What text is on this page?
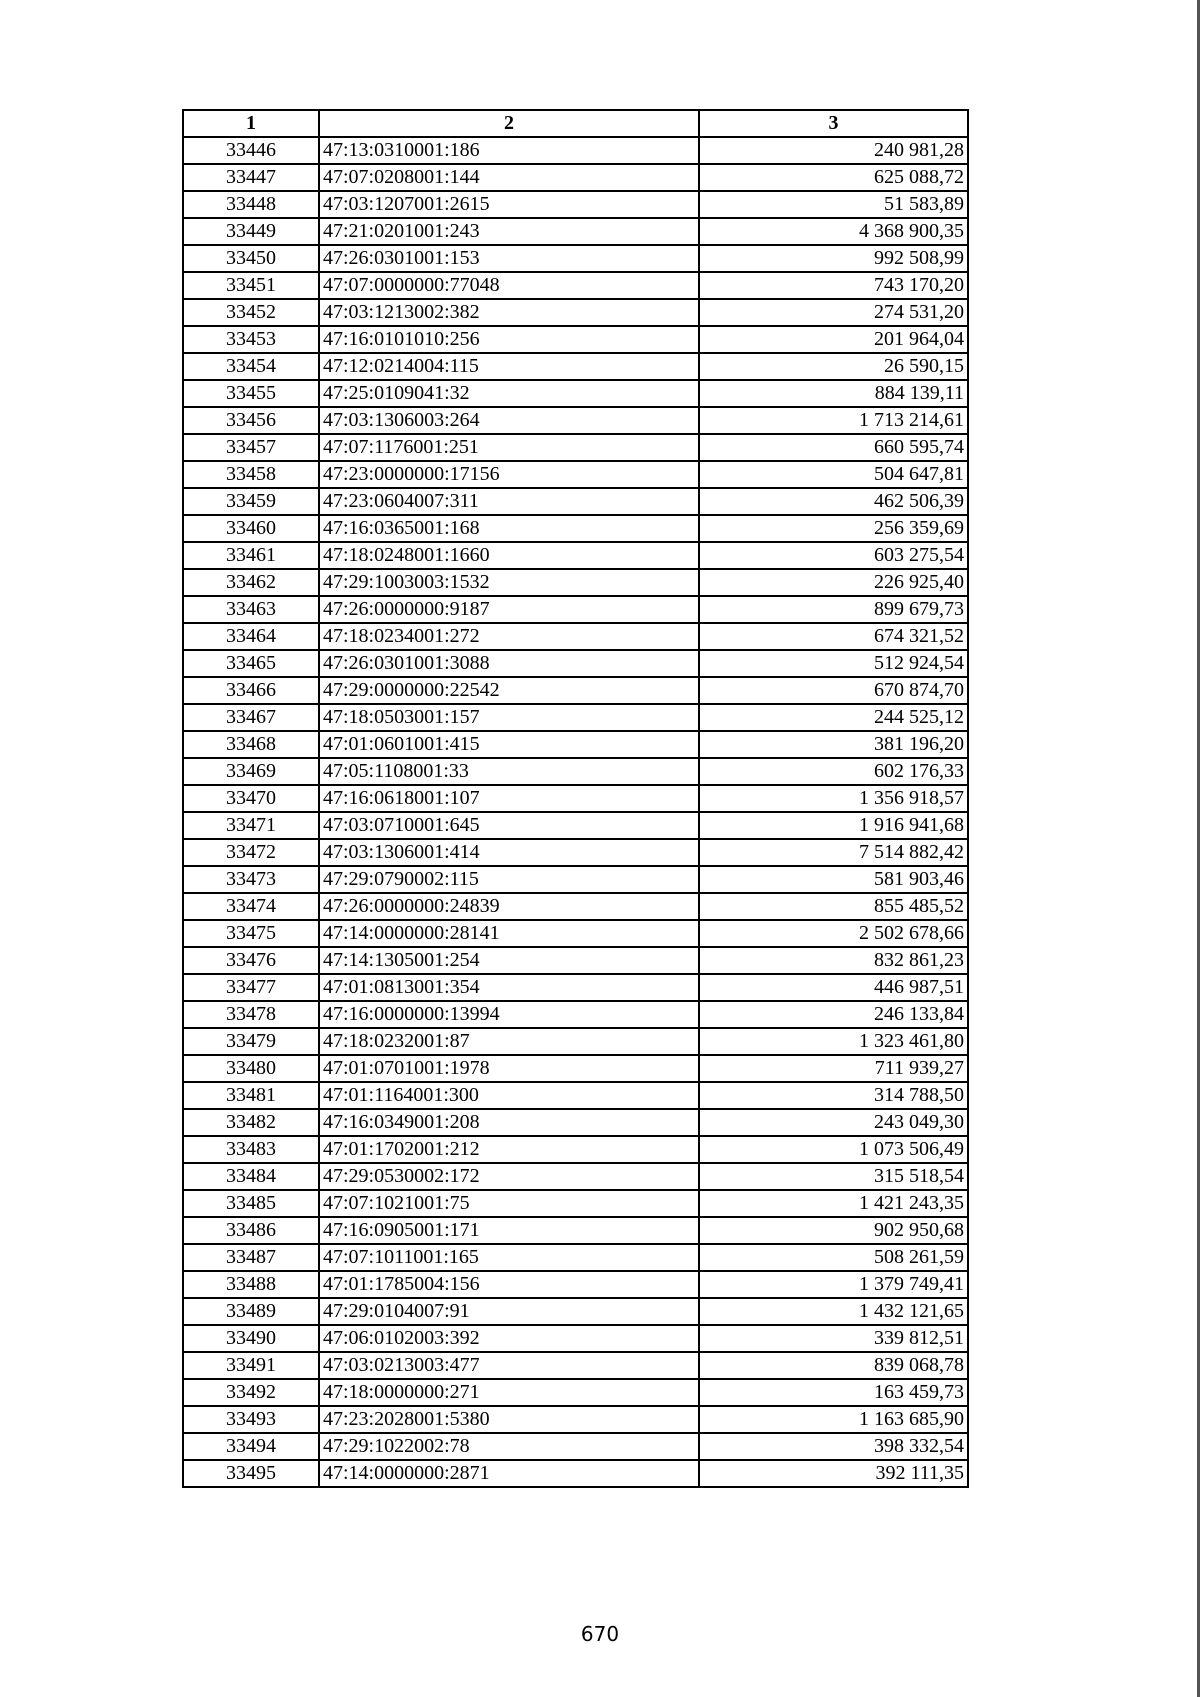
1	2	3
33446	47:13:0310001:186	240 981,28
33447	47:07:0208001:144	625 088,72
33448	47:03:1207001:2615	51 583,89
33449	47:21:0201001:243	4 368 900,35
33450	47:26:0301001:153	992 508,99
33451	47:07:0000000:77048	743 170,20
33452	47:03:1213002:382	274 531,20
33453	47:16:0101010:256	201 964,04
33454	47:12:0214004:115	26 590,15
33455	47:25:0109041:32	884 139,11
33456	47:03:1306003:264	1 713 214,61
33457	47:07:1176001:251	660 595,74
33458	47:23:0000000:17156	504 647,81
33459	47:23:0604007:311	462 506,39
33460	47:16:0365001:168	256 359,69
33461	47:18:0248001:1660	603 275,54
33462	47:29:1003003:1532	226 925,40
33463	47:26:0000000:9187	899 679,73
33464	47:18:0234001:272	674 321,52
33465	47:26:0301001:3088	512 924,54
33466	47:29:0000000:22542	670 874,70
33467	47:18:0503001:157	244 525,12
33468	47:01:0601001:415	381 196,20
33469	47:05:1108001:33	602 176,33
33470	47:16:0618001:107	1 356 918,57
33471	47:03:0710001:645	1 916 941,68
33472	47:03:1306001:414	7 514 882,42
33473	47:29:0790002:115	581 903,46
33474	47:26:0000000:24839	855 485,52
33475	47:14:0000000:28141	2 502 678,66
33476	47:14:1305001:254	832 861,23
33477	47:01:0813001:354	446 987,51
33478	47:16:0000000:13994	246 133,84
33479	47:18:0232001:87	1 323 461,80
33480	47:01:0701001:1978	711 939,27
33481	47:01:1164001:300	314 788,50
33482	47:16:0349001:208	243 049,30
33483	47:01:1702001:212	1 073 506,49
33484	47:29:0530002:172	315 518,54
33485	47:07:1021001:75	1 421 243,35
33486	47:16:0905001:171	902 950,68
33487	47:07:1011001:165	508 261,59
33488	47:01:1785004:156	1 379 749,41
33489	47:29:0104007:91	1 432 121,65
33490	47:06:0102003:392	339 812,51
33491	47:03:0213003:477	839 068,78
33492	47:18:0000000:271	163 459,73
33493	47:23:2028001:5380	1 163 685,90
33494	47:29:1022002:78	398 332,54
33495	47:14:0000000:2871	392 111,35
670
